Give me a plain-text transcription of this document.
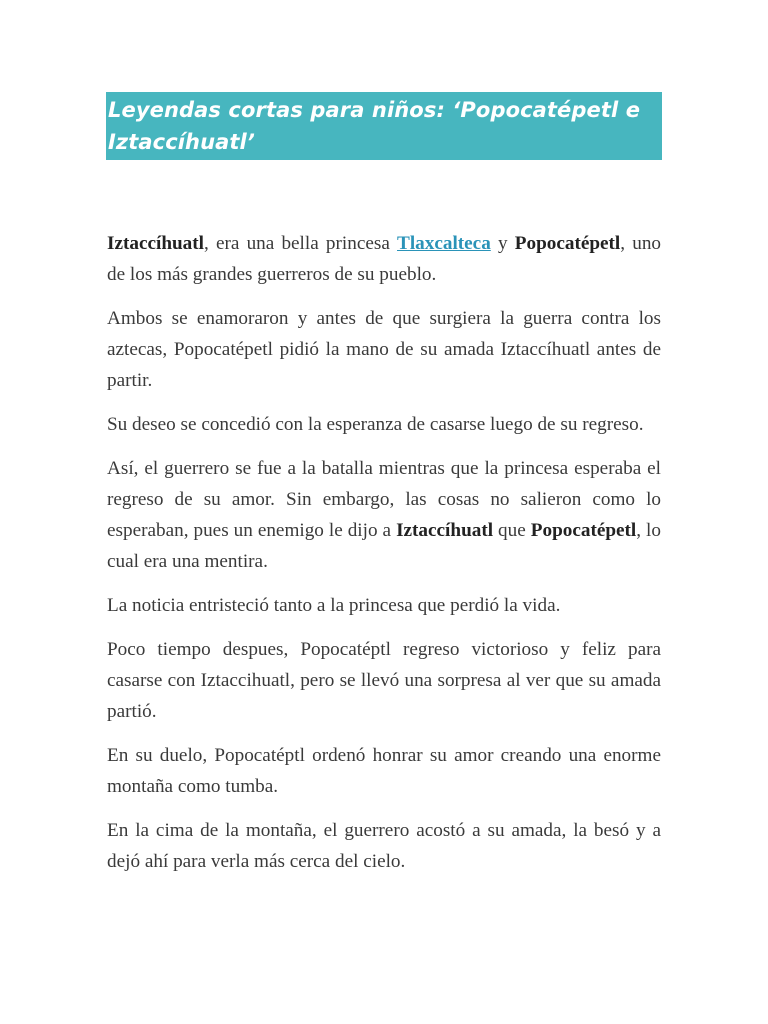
Leyendas cortas para niños: ‘Popocatépetl e Iztaccíhuatl’

Iztaccíhuatl, era una bella princesa Tlaxcalteca y Popocatépetl, uno de los más grandes guerreros de su pueblo.

Ambos se enamoraron y antes de que surgiera la guerra contra los aztecas, Popocatépetl pidió la mano de su amada Iztaccíhuatl antes de partir.

Su deseo se concedió con la esperanza de casarse luego de su regreso.

Así, el guerrero se fue a la batalla mientras que la princesa esperaba el regreso de su amor. Sin embargo, las cosas no salieron como lo esperaban, pues un enemigo le dijo a Iztaccíhuatl que Popocatépetl, lo cual era una mentira.

La noticia entristeció tanto a la princesa que perdió la vida.

Poco tiempo despues, Popocatéptl regreso victorioso y feliz para casarse con Iztaccihuatl, pero se llevó una sorpresa al ver que su amada partió.

En su duelo, Popocatéptl ordenó honrar su amor creando una enorme montaña como tumba.

En la cima de la montaña, el guerrero acostó a su amada, la besó y a dejó ahí para verla más cerca del cielo.
